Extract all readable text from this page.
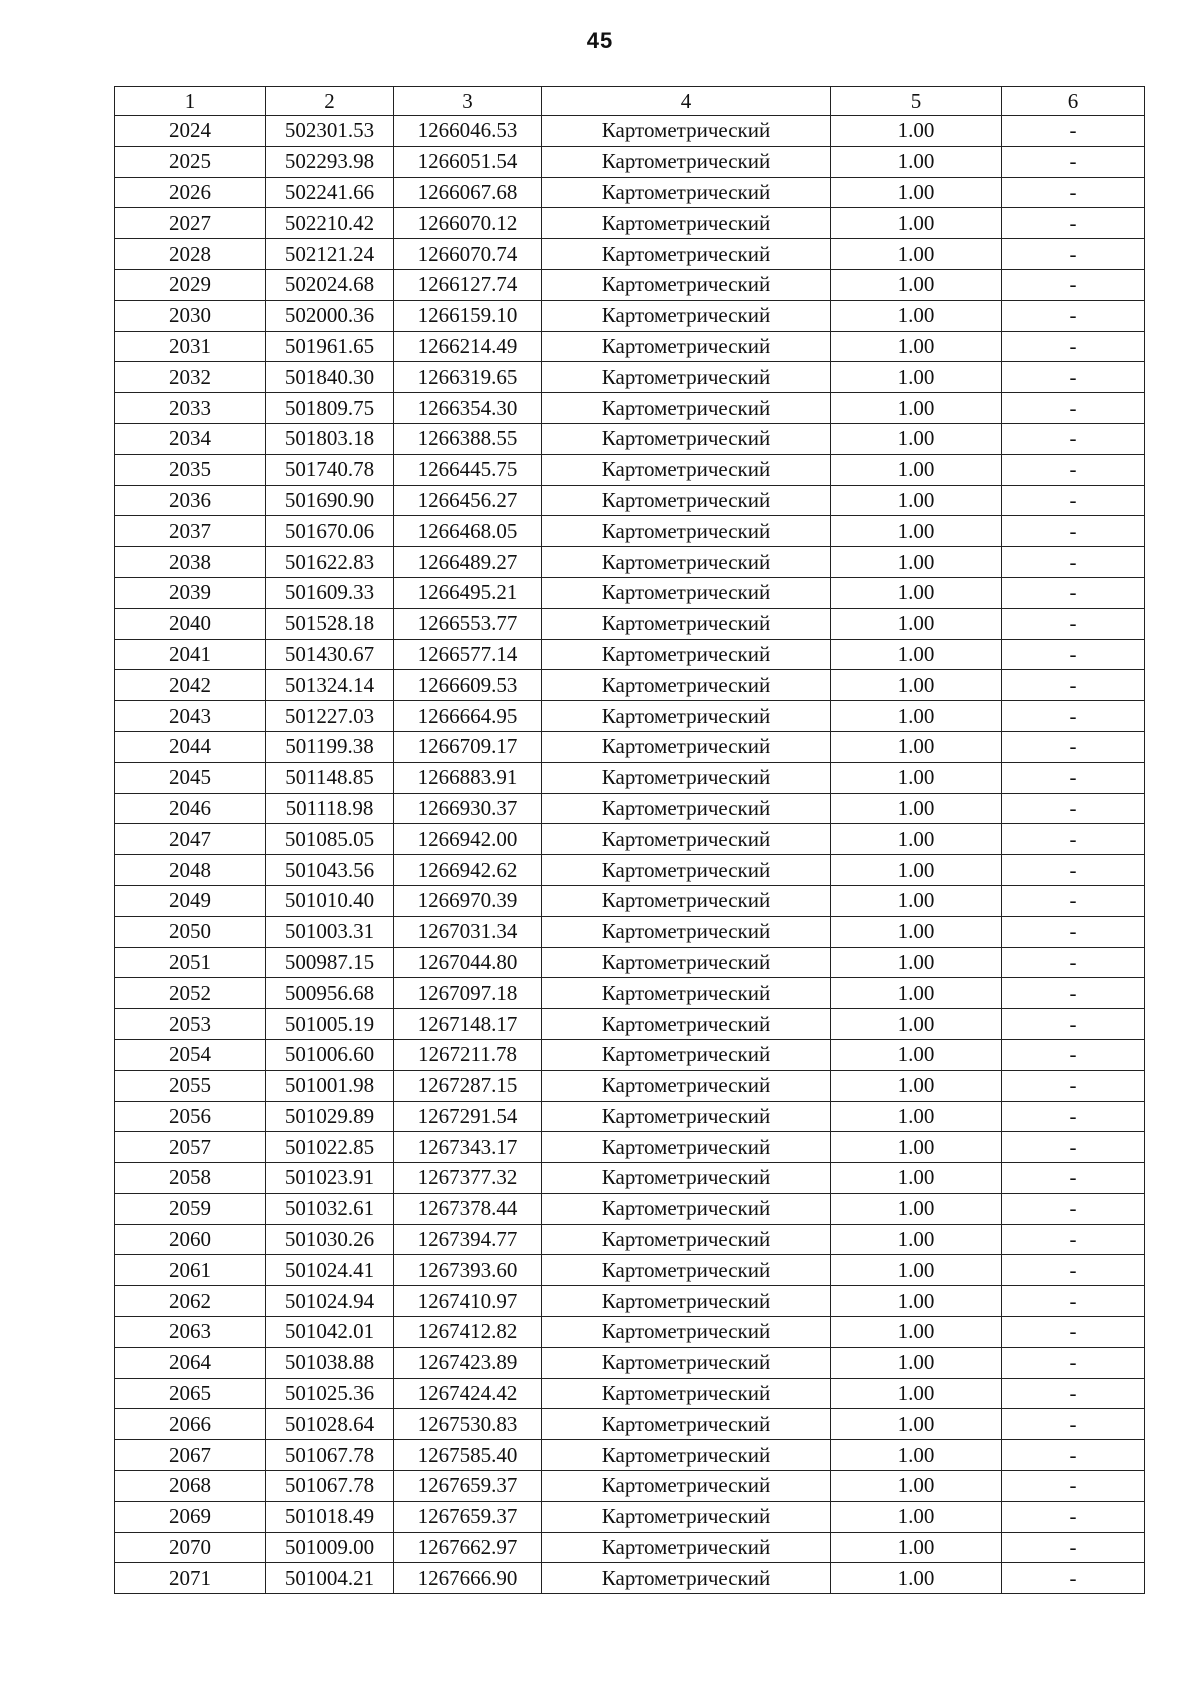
45
1	2	3	4	5	6
2024	502301.53	1266046.53	Картометрический	1.00	-
2025	502293.98	1266051.54	Картометрический	1.00	-
2026	502241.66	1266067.68	Картометрический	1.00	-
2027	502210.42	1266070.12	Картометрический	1.00	-
2028	502121.24	1266070.74	Картометрический	1.00	-
2029	502024.68	1266127.74	Картометрический	1.00	-
2030	502000.36	1266159.10	Картометрический	1.00	-
2031	501961.65	1266214.49	Картометрический	1.00	-
2032	501840.30	1266319.65	Картометрический	1.00	-
2033	501809.75	1266354.30	Картометрический	1.00	-
2034	501803.18	1266388.55	Картометрический	1.00	-
2035	501740.78	1266445.75	Картометрический	1.00	-
2036	501690.90	1266456.27	Картометрический	1.00	-
2037	501670.06	1266468.05	Картометрический	1.00	-
2038	501622.83	1266489.27	Картометрический	1.00	-
2039	501609.33	1266495.21	Картометрический	1.00	-
2040	501528.18	1266553.77	Картометрический	1.00	-
2041	501430.67	1266577.14	Картометрический	1.00	-
2042	501324.14	1266609.53	Картометрический	1.00	-
2043	501227.03	1266664.95	Картометрический	1.00	-
2044	501199.38	1266709.17	Картометрический	1.00	-
2045	501148.85	1266883.91	Картометрический	1.00	-
2046	501118.98	1266930.37	Картометрический	1.00	-
2047	501085.05	1266942.00	Картометрический	1.00	-
2048	501043.56	1266942.62	Картометрический	1.00	-
2049	501010.40	1266970.39	Картометрический	1.00	-
2050	501003.31	1267031.34	Картометрический	1.00	-
2051	500987.15	1267044.80	Картометрический	1.00	-
2052	500956.68	1267097.18	Картометрический	1.00	-
2053	501005.19	1267148.17	Картометрический	1.00	-
2054	501006.60	1267211.78	Картометрический	1.00	-
2055	501001.98	1267287.15	Картометрический	1.00	-
2056	501029.89	1267291.54	Картометрический	1.00	-
2057	501022.85	1267343.17	Картометрический	1.00	-
2058	501023.91	1267377.32	Картометрический	1.00	-
2059	501032.61	1267378.44	Картометрический	1.00	-
2060	501030.26	1267394.77	Картометрический	1.00	-
2061	501024.41	1267393.60	Картометрический	1.00	-
2062	501024.94	1267410.97	Картометрический	1.00	-
2063	501042.01	1267412.82	Картометрический	1.00	-
2064	501038.88	1267423.89	Картометрический	1.00	-
2065	501025.36	1267424.42	Картометрический	1.00	-
2066	501028.64	1267530.83	Картометрический	1.00	-
2067	501067.78	1267585.40	Картометрический	1.00	-
2068	501067.78	1267659.37	Картометрический	1.00	-
2069	501018.49	1267659.37	Картометрический	1.00	-
2070	501009.00	1267662.97	Картометрический	1.00	-
2071	501004.21	1267666.90	Картометрический	1.00	-
